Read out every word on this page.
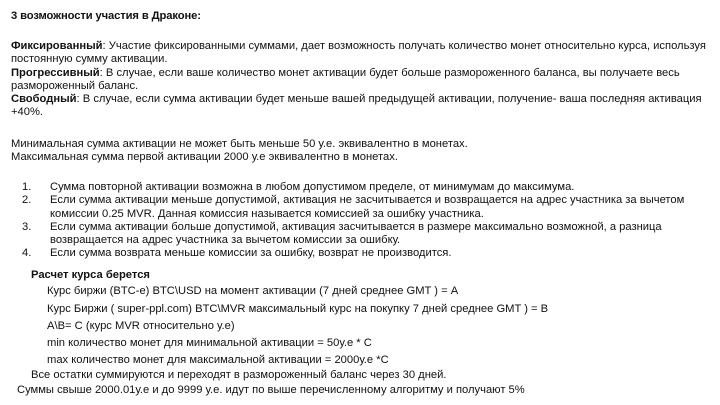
3 возможности участия в Драконе:

Фиксированный: Участие фиксированными суммами, дает возможность получать количество монет относительно курса, используя постоянную сумму активации.

Прогрессивный: В случае, если ваше количество монет активации будет больше размороженного баланса, вы получаете весь размороженный баланс.

Свободный: В случае, если сумма активации будет меньше вашей предыдущей активации, получение- ваша последняя активация +40%.

Минимальная сумма активации не может быть меньше 50 у.е. эквивалентно в монетах.

Максимальная сумма первой активации 2000 у.е эквивалентно в монетах.

1. Сумма повторной активации возможна в любом допустимом пределе, от минимумам до максимума.
2. Если сумма активации меньше допустимой, активация не засчитывается и возвращается на адрес участника за вычетом комиссии 0.25 MVR. Данная комиссия называется комиссией за ошибку участника.
3. Если сумма активации больше допустимой, активация засчитывается в размере максимально возможной, а разница возвращается на адрес участника за вычетом комиссии за ошибку.
4. Если сумма возврата меньше комиссии за ошибку, возврат не производится.
Расчет курса берется
Курс биржи (BTC-e) BTC\USD на момент активации (7 дней среднее GMT ) = A
Курс Биржи ( super-ppl.com) BTC\MVR максимальный курс на покупку 7 дней среднее GMT ) = B
A\B= C (курс MVR относительно у.е)
min количество монет для минимальной активации = 50у.е * C
max количество монет для максимальной активации = 2000у.е *C
Все остатки суммируются и переходят в размороженный баланс через 30 дней.
Суммы свыше 2000.01у.е и до 9999 у.е. идут по выше перечисленному алгоритму и получают 5%
